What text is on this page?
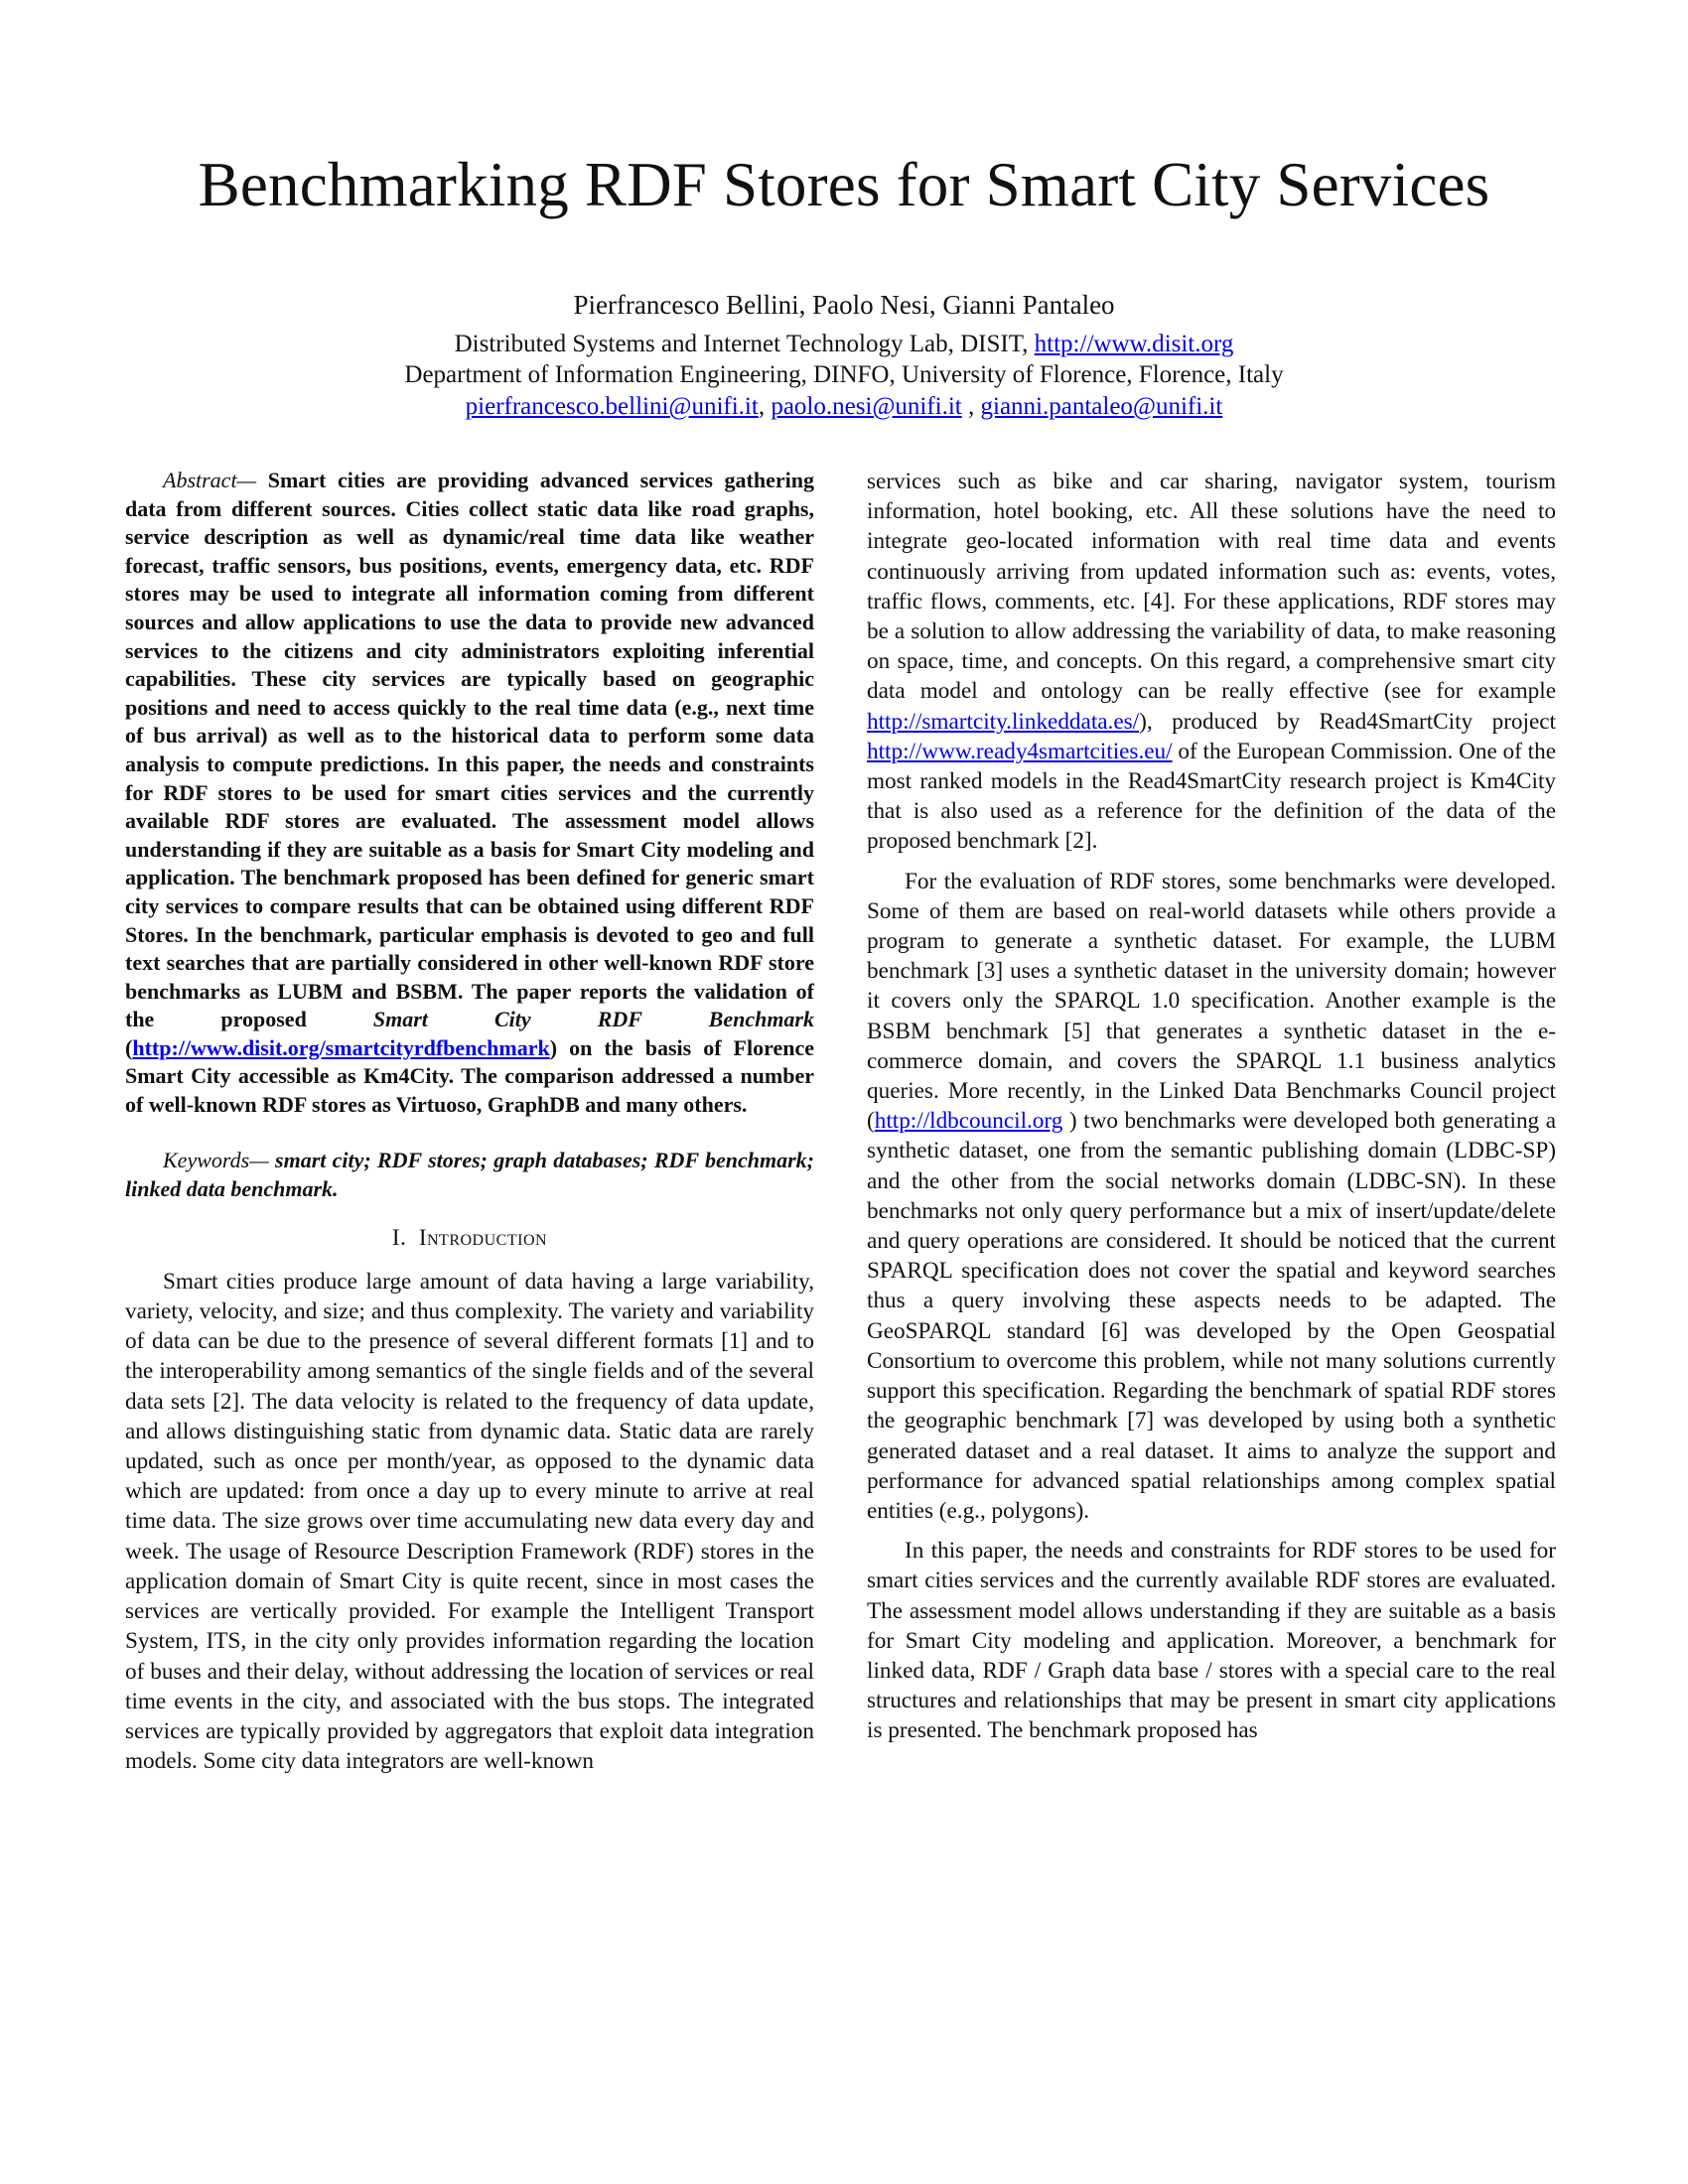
Benchmarking RDF Stores for Smart City Services

Pierfrancesco Bellini, Paolo Nesi, Gianni Pantaleo

Distributed Systems and Internet Technology Lab, DISIT, http://www.disit.org

Department of Information Engineering, DINFO, University of Florence, Florence, Italy

pierfrancesco.bellini@unifi.it, paolo.nesi@unifi.it , gianni.pantaleo@unifi.it

Abstract— Smart cities are providing advanced services gathering data from different sources. Cities collect static data like road graphs, service description as well as dynamic/real time data like weather forecast, traffic sensors, bus positions, events, emergency data, etc. RDF stores may be used to integrate all information coming from different sources and allow applications to use the data to provide new advanced services to the citizens and city administrators exploiting inferential capabilities. These city services are typically based on geographic positions and need to access quickly to the real time data (e.g., next time of bus arrival) as well as to the historical data to perform some data analysis to compute predictions. In this paper, the needs and constraints for RDF stores to be used for smart cities services and the currently available RDF stores are evaluated. The assessment model allows understanding if they are suitable as a basis for Smart City modeling and application. The benchmark proposed has been defined for generic smart city services to compare results that can be obtained using different RDF Stores. In the benchmark, particular emphasis is devoted to geo and full text searches that are partially considered in other well-known RDF store benchmarks as LUBM and BSBM. The paper reports the validation of the proposed Smart City RDF Benchmark (http://www.disit.org/smartcityrdfbenchmark) on the basis of Florence Smart City accessible as Km4City. The comparison addressed a number of well-known RDF stores as Virtuoso, GraphDB and many others.

Keywords— smart city; RDF stores; graph databases; RDF benchmark; linked data benchmark.

I. Introduction

Smart cities produce large amount of data having a large variability, variety, velocity, and size; and thus complexity. The variety and variability of data can be due to the presence of several different formats [1] and to the interoperability among semantics of the single fields and of the several data sets [2]. The data velocity is related to the frequency of data update, and allows distinguishing static from dynamic data. Static data are rarely updated, such as once per month/year, as opposed to the dynamic data which are updated: from once a day up to every minute to arrive at real time data. The size grows over time accumulating new data every day and week. The usage of Resource Description Framework (RDF) stores in the application domain of Smart City is quite recent, since in most cases the services are vertically provided. For example the Intelligent Transport System, ITS, in the city only provides information regarding the location of buses and their delay, without addressing the location of services or real time events in the city, and associated with the bus stops. The integrated services are typically provided by aggregators that exploit data integration models. Some city data integrators are well-known

services such as bike and car sharing, navigator system, tourism information, hotel booking, etc. All these solutions have the need to integrate geo-located information with real time data and events continuously arriving from updated information such as: events, votes, traffic flows, comments, etc. [4]. For these applications, RDF stores may be a solution to allow addressing the variability of data, to make reasoning on space, time, and concepts. On this regard, a comprehensive smart city data model and ontology can be really effective (see for example http://smartcity.linkeddata.es/), produced by Read4SmartCity project http://www.ready4smartcities.eu/ of the European Commission. One of the most ranked models in the Read4SmartCity research project is Km4City that is also used as a reference for the definition of the data of the proposed benchmark [2].

For the evaluation of RDF stores, some benchmarks were developed. Some of them are based on real-world datasets while others provide a program to generate a synthetic dataset. For example, the LUBM benchmark [3] uses a synthetic dataset in the university domain; however it covers only the SPARQL 1.0 specification. Another example is the BSBM benchmark [5] that generates a synthetic dataset in the e-commerce domain, and covers the SPARQL 1.1 business analytics queries. More recently, in the Linked Data Benchmarks Council project (http://ldbcouncil.org ) two benchmarks were developed both generating a synthetic dataset, one from the semantic publishing domain (LDBC-SP) and the other from the social networks domain (LDBC-SN). In these benchmarks not only query performance but a mix of insert/update/delete and query operations are considered. It should be noticed that the current SPARQL specification does not cover the spatial and keyword searches thus a query involving these aspects needs to be adapted. The GeoSPARQL standard [6] was developed by the Open Geospatial Consortium to overcome this problem, while not many solutions currently support this specification. Regarding the benchmark of spatial RDF stores the geographic benchmark [7] was developed by using both a synthetic generated dataset and a real dataset. It aims to analyze the support and performance for advanced spatial relationships among complex spatial entities (e.g., polygons).

In this paper, the needs and constraints for RDF stores to be used for smart cities services and the currently available RDF stores are evaluated. The assessment model allows understanding if they are suitable as a basis for Smart City modeling and application. Moreover, a benchmark for linked data, RDF / Graph data base / stores with a special care to the real structures and relationships that may be present in smart city applications is presented. The benchmark proposed has
